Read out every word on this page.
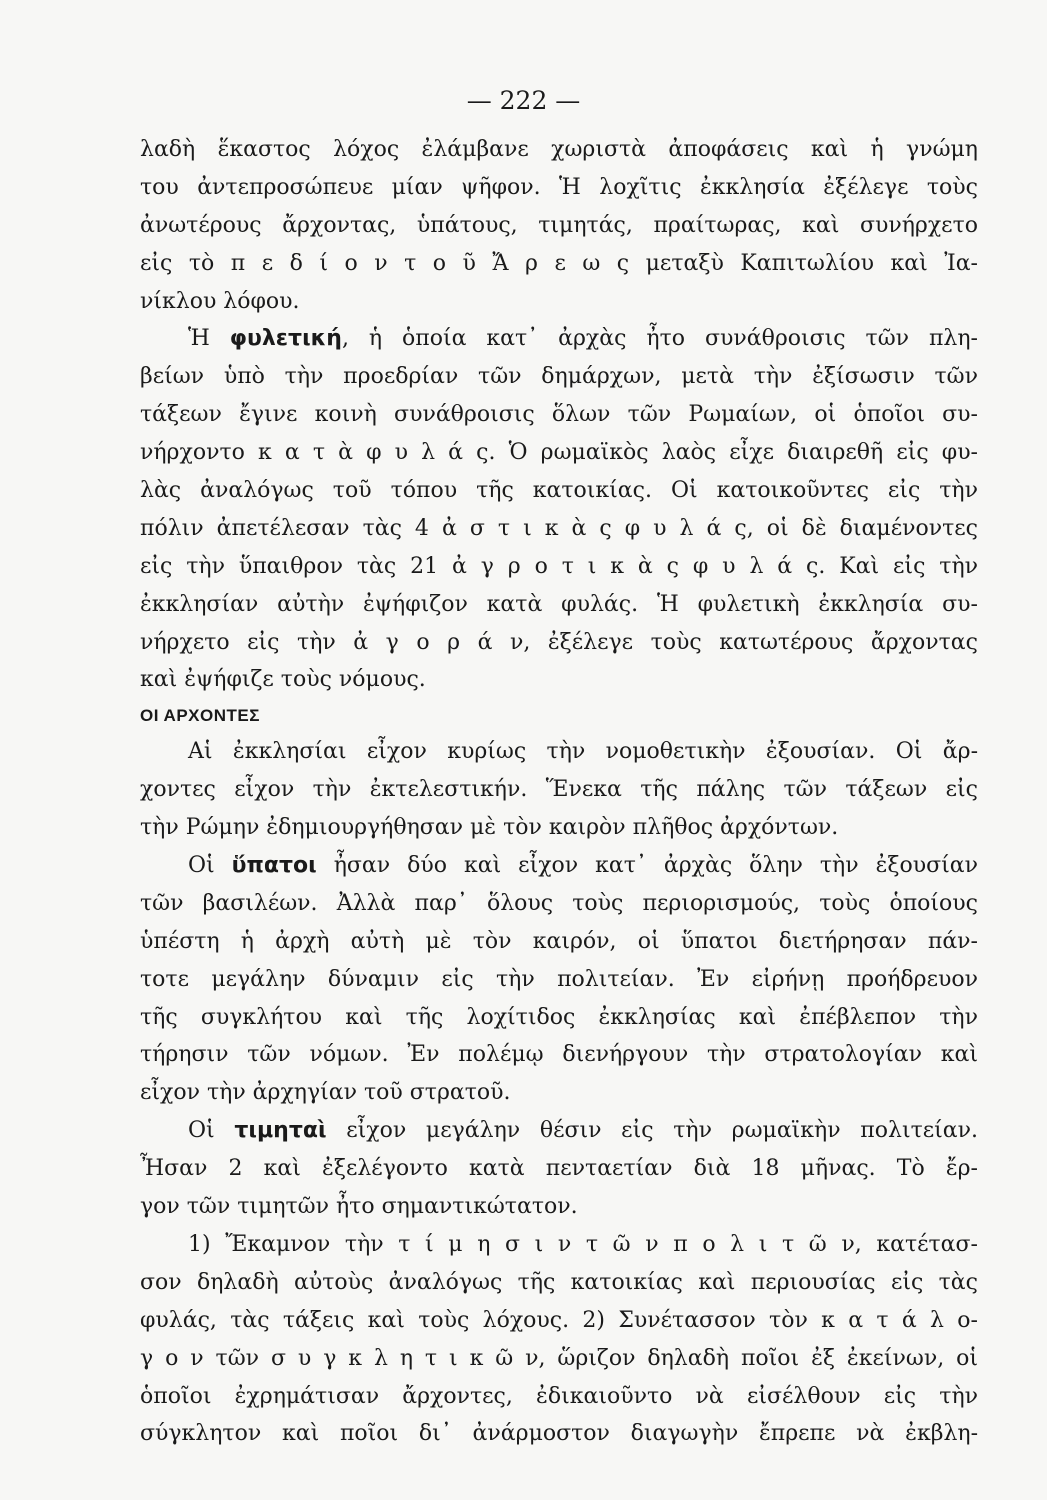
— 222 —
λαδὴ ἕκαστος λόχος ἐλάμβανε χωριστὰ ἀποφάσεις καὶ ἡ γνώμη
του ἀντεπροσώπευε μίαν ψῆφον. Ἡ λοχῖτις ἐκκλησία ἐξέλεγε τοὺς
ἀνωτέρους ἄρχοντας, ὑπάτους, τιμητάς, πραίτωρας, καὶ συνήρχετο
εἰς τὸ π ε δ ί ο ν τ ο ῦ Ἄ ρ ε ω ς μεταξὺ Καπιτωλίου καὶ Ἰα-
νίκλου λόφου.
Ἡ φυλετική, ἡ ὁποία κατ᾽ ἀρχὰς ἦτο συνάθροισις τῶν πλη-
βείων ὑπὸ τὴν προεδρίαν τῶν δημάρχων, μετὰ τὴν ἐξίσωσιν τῶν
τάξεων ἔγινε κοινὴ συνάθροισις ὅλων τῶν Ρωμαίων, οἱ ὁποῖοι συ-
νήρχοντο κ α τ ὰ φ υ λ ά ς. Ὁ ρωμαϊκὸς λαὸς εἶχε διαιρεθῆ εἰς φυ-
λὰς ἀναλόγως τοῦ τόπου τῆς κατοικίας. Οἱ κατοικοῦντες εἰς τὴν
πόλιν ἀπετέλεσαν τὰς 4 ἀ σ τ ι κ ὰ ς φ υ λ ά ς, οἱ δὲ διαμένοντες
εἰς τὴν ὕπαιθρον τὰς 21 ἀ γ ρ ο τ ι κ ὰ ς φ υ λ ά ς. Καὶ εἰς τὴν
ἐκκλησίαν αὐτὴν ἐψήφιζον κατὰ φυλάς. Ἡ φυλετικὴ ἐκκλησία συ-
νήρχετο εἰς τὴν ἀ γ ο ρ ά ν, ἐξέλεγε τοὺς κατωτέρους ἄρχοντας
καὶ ἐψήφιζε τοὺς νόμους.
ΟΙ ΑΡΧΟΝΤΕΣ
Αἱ ἐκκλησίαι εἶχον κυρίως τὴν νομοθετικὴν ἐξουσίαν. Οἱ ἄρ-
χοντες εἶχον τὴν ἐκτελεστικήν. Ἕνεκα τῆς πάλης τῶν τάξεων εἰς
τὴν Ρώμην ἐδημιουργήθησαν μὲ τὸν καιρὸν πλῆθος ἀρχόντων.
Οἱ ὕπατοι ἦσαν δύο καὶ εἶχον κατ᾽ ἀρχὰς ὅλην τὴν ἐξουσίαν
τῶν βασιλέων. Ἀλλὰ παρ᾽ ὅλους τοὺς περιορισμούς, τοὺς ὁποίους
ὑπέστη ἡ ἀρχὴ αὐτὴ μὲ τὸν καιρόν, οἱ ὕπατοι διετήρησαν πάν-
τοτε μεγάλην δύναμιν εἰς τὴν πολιτείαν. Ἐν εἰρήνῃ προήδρευον
τῆς συγκλήτου καὶ τῆς λοχίτιδος ἐκκλησίας καὶ ἐπέβλεπον τὴν
τήρησιν τῶν νόμων. Ἐν πολέμῳ διενήργουν τὴν στρατολογίαν καὶ
εἶχον τὴν ἀρχηγίαν τοῦ στρατοῦ.
Οἱ τιμηταὶ εἶχον μεγάλην θέσιν εἰς τὴν ρωμαϊκὴν πολιτείαν.
Ἦσαν 2 καὶ ἐξελέγοντο κατὰ πενταετίαν διὰ 18 μῆνας. Τὸ ἔρ-
γον τῶν τιμητῶν ἦτο σημαντικώτατον.
1) Ἔκαμνον τὴν τ ί μ η σ ι ν τ ῶ ν π ο λ ι τ ῶ ν, κατέτασ-
σον δηλαδὴ αὐτοὺς ἀναλόγως τῆς κατοικίας καὶ περιουσίας εἰς τὰς
φυλάς, τὰς τάξεις καὶ τοὺς λόχους. 2) Συνέτασσον τὸν κ α τ ά λ ο-
γ ο ν τῶν σ υ γ κ λ η τ ι κ ῶ ν, ὥριζον δηλαδὴ ποῖοι ἐξ ἐκείνων, οἱ
ὁποῖοι ἐχρημάτισαν ἄρχοντες, ἐδικαιοῦντο νὰ εἰσέλθουν εἰς τὴν
σύγκλητον καὶ ποῖοι δι᾽ ἀνάρμοστον διαγωγὴν ἔπρεπε νὰ ἐκβλη-
